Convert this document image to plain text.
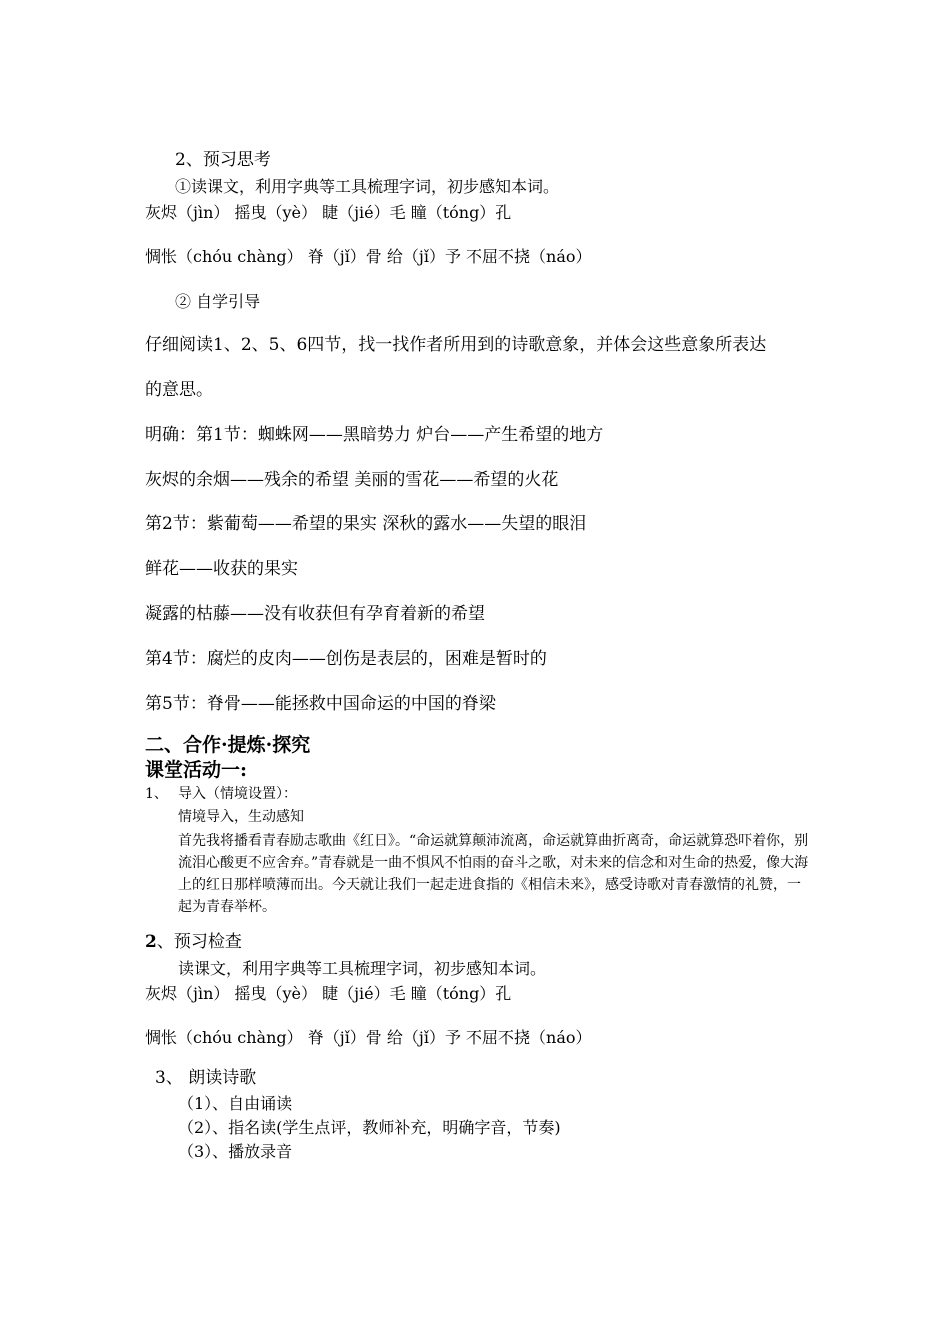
2、预习思考
①读课文，利用字典等工具梳理字词，初步感知本词。
灰烬（jìn） 摇曳（yè） 睫（jié）毛 瞳（tóng）孔
惆怅（chóu chàng） 脊（jǐ）骨 给（jǐ）予 不屈不挠（náo）
② 自学引导
仔细阅读1、2、5、6四节，找一找作者所用到的诗歌意象，并体会这些意象所表达
的意思。
明确：第1节：蜘蛛网——黑暗势力 炉台——产生希望的地方
灰烬的余烟——残余的希望 美丽的雪花——希望的火花
第2节：紫葡萄——希望的果实 深秋的露水——失望的眼泪
鲜花——收获的果实
凝露的枯藤——没有收获但有孕育着新的希望
第4节：腐烂的皮肉——创伤是表层的，困难是暂时的
第5节：脊骨——能拯救中国命运的中国的脊梁
二、合作·提炼·探究
课堂活动一:
1、 导入（情境设置）：
情境导入，生动感知
首先我将播看青春励志歌曲《红日》。“命运就算颠沛流离，命运就算曲折离奇，命运就算恐吓着你，别流泪心酸更不应舍弃。”青春就是一曲不惧风不怕雨的奋斗之歌，对未来的信念和对生命的热爱，像大海上的红日那样喷薄而出。今天就让我们一起走进食指的《相信未来》，感受诗歌对青春激情的礼赞，一起为青春举杯。
2、预习检查
读课文，利用字典等工具梳理字词，初步感知本词。
灰烬（jìn） 摇曳（yè） 睫（jié）毛 瞳（tóng）孔
惆怅（chóu chàng） 脊（jǐ）骨 给（jǐ）予 不屈不挠（náo）
3、 朗读诗歌
（1）、自由诵读
（2）、指名读(学生点评，教师补充，明确字音，节奏)
（3）、播放录音
